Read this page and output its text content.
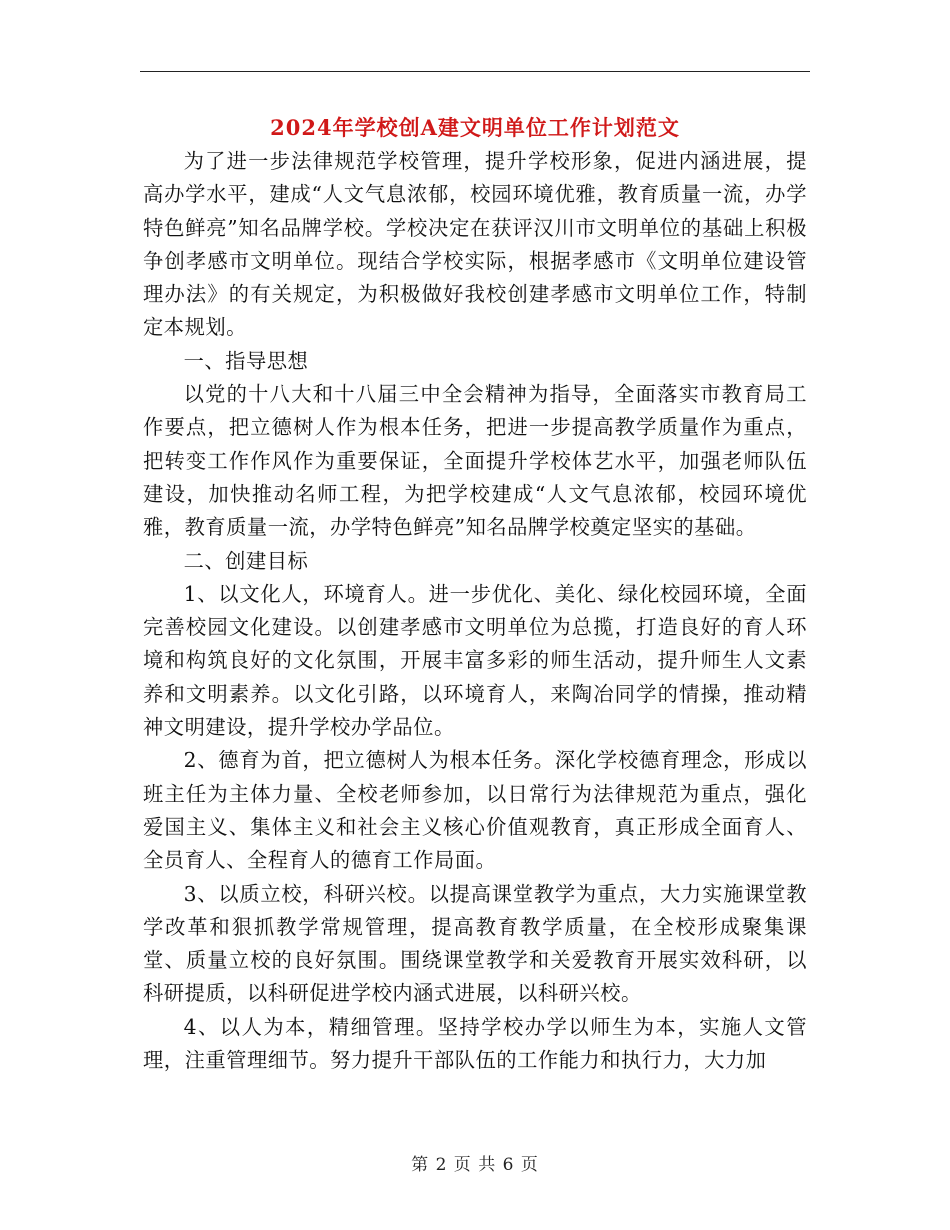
2024年学校创A建文明单位工作计划范文

为了进一步法律规范学校管理，提升学校形象，促进内涵进展，提高办学水平，建成“人文气息浓郁，校园环境优雅，教育质量一流，办学特色鲜亮”知名品牌学校。学校决定在获评汉川市文明单位的基础上积极争创孝感市文明单位。现结合学校实际，根据孝感市《文明单位建设管理办法》的有关规定，为积极做好我校创建孝感市文明单位工作，特制定本规划。

一、指导思想

以党的十八大和十八届三中全会精神为指导，全面落实市教育局工作要点，把立德树人作为根本任务，把进一步提高教学质量作为重点，把转变工作作风作为重要保证，全面提升学校体艺水平，加强老师队伍建设，加快推动名师工程，为把学校建成“人文气息浓郁，校园环境优雅，教育质量一流，办学特色鲜亮”知名品牌学校奠定坚实的基础。

二、创建目标

1、以文化人，环境育人。进一步优化、美化、绿化校园环境，全面完善校园文化建设。以创建孝感市文明单位为总揽，打造良好的育人环境和构筑良好的文化氛围，开展丰富多彩的师生活动，提升师生人文素养和文明素养。以文化引路，以环境育人，来陶冶同学的情操，推动精神文明建设，提升学校办学品位。

2、德育为首，把立德树人为根本任务。深化学校德育理念，形成以班主任为主体力量、全校老师参加，以日常行为法律规范为重点，强化爱国主义、集体主义和社会主义核心价值观教育，真正形成全面育人、全员育人、全程育人的德育工作局面。

3、以质立校，科研兴校。以提高课堂教学为重点，大力实施课堂教学改革和狠抓教学常规管理，提高教育教学质量，在全校形成聚集课堂、质量立校的良好氛围。围绕课堂教学和关爱教育开展实效科研，以科研提质，以科研促进学校内涵式进展，以科研兴校。

4、以人为本，精细管理。坚持学校办学以师生为本，实施人文管理，注重管理细节。努力提升干部队伍的工作能力和执行力，大力加

第 2 页 共 6 页
